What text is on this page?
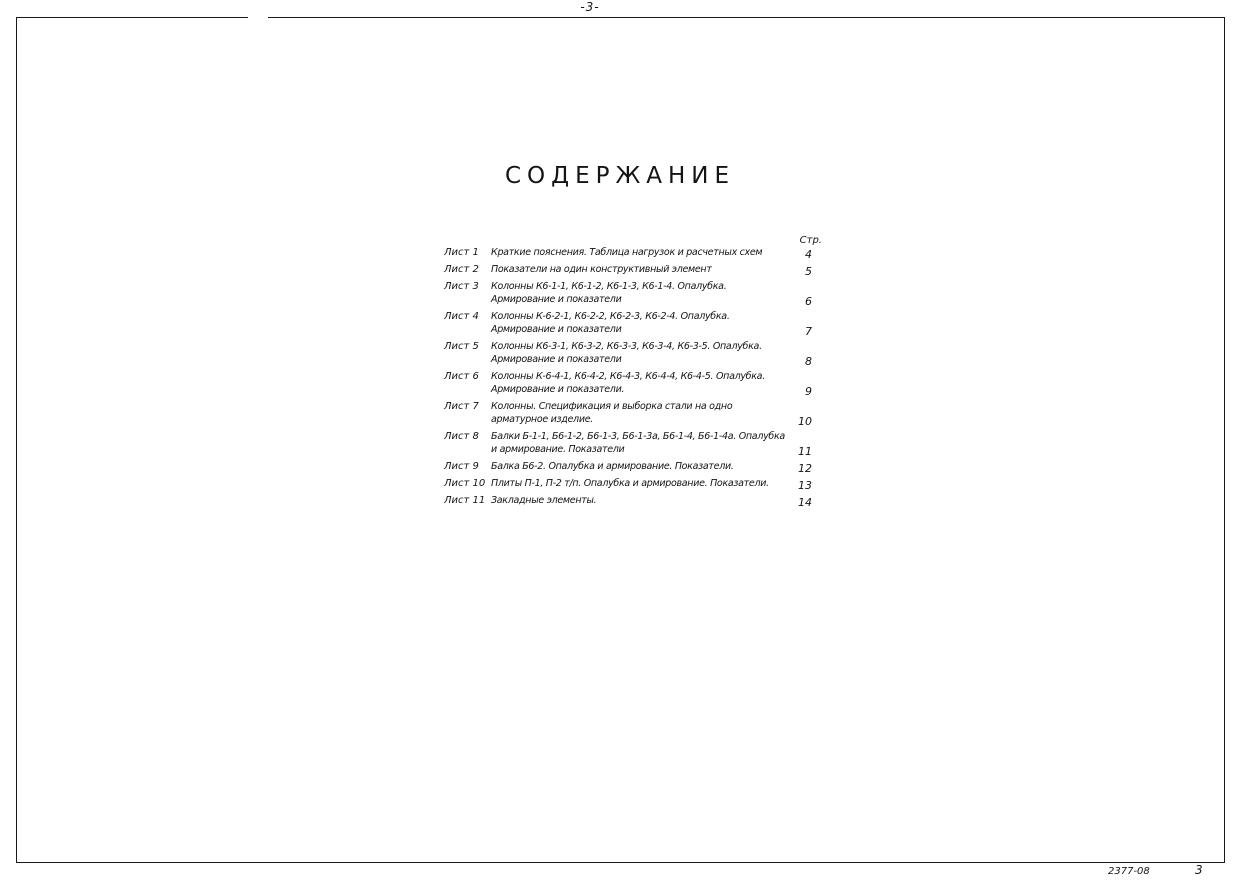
-3-
СОДЕРЖАНИЕ
Стр.
Лист 1	Краткие пояснения. Таблица нагрузок и расчетных схем	4
Лист 2	Показатели на один конструктивный элемент	5
Лист 3	Колонны К6-1-1, К6-1-2, К6-1-3, К6-1-4. Опалубка. Армирование и показатели	6
Лист 4	Колонны К-6-2-1, К6-2-2, К6-2-3, К6-2-4. Опалубка. Армирование и показатели	7
Лист 5	Колонны К6-3-1, К6-3-2, К6-3-3, К6-3-4, К6-3-5. Опалубка. Армирование и показатели	8
Лист 6	Колонны К-6-4-1, К6-4-2, К6-4-3, К6-4-4, К6-4-5. Опалубка. Армирование и показатели.	9
Лист 7	Колонны. Спецификация и выборка стали на одно арматурное изделие.	10
Лист 8	Балки Б-1-1, Б6-1-2, Б6-1-3, Б6-1-3а, Б6-1-4, Б6-1-4а. Опалубка и армирование. Показатели	11
Лист 9	Балка Б6-2. Опалубка и армирование. Показатели.	12
Лист 10 Плиты П-1, П-2 т/п. Опалубка и армирование. Показатели.	13
Лист 11 Закладные элементы.	14
2377-08	3
